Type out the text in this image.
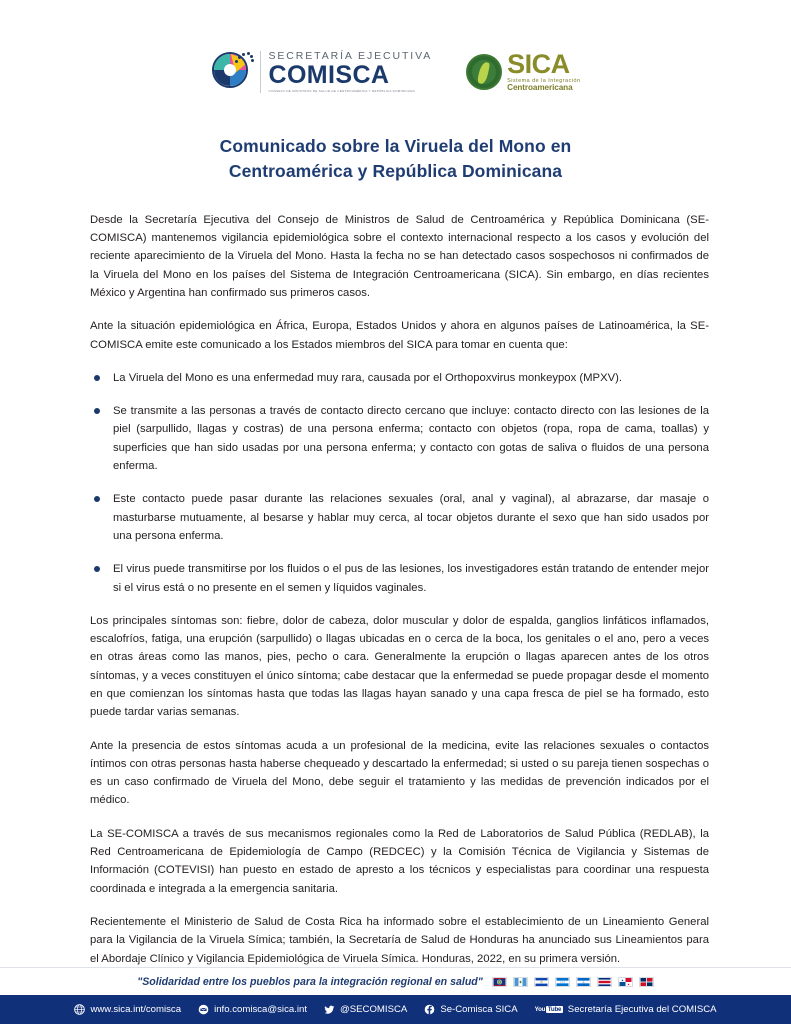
SECRETARÍA EJECUTIVA
COMISCA
CONSEJO DE MINISTROS DE SALUD DE CENTROAMÉRICA Y REPÚBLICA DOMINICANA
SICA
Sistema de la Integración
Centroamericana
Comunicado sobre la Viruela del Mono en Centroamérica y República Dominicana

Desde la Secretaría Ejecutiva del Consejo de Ministros de Salud de Centroamérica y República Dominicana (SE-COMISCA) mantenemos vigilancia epidemiológica sobre el contexto internacional respecto a los casos y evolución del reciente aparecimiento de la Viruela del Mono. Hasta la fecha no se han detectado casos sospechosos ni confirmados de la Viruela del Mono en los países del Sistema de Integración Centroamericana (SICA). Sin embargo, en días recientes México y Argentina han confirmado sus primeros casos.

Ante la situación epidemiológica en África, Europa, Estados Unidos y ahora en algunos países de Latinoamérica, la SE-COMISCA emite este comunicado a los Estados miembros del SICA para tomar en cuenta que:

La Viruela del Mono es una enfermedad muy rara, causada por el Orthopoxvirus monkeypox (MPXV).
Se transmite a las personas a través de contacto directo cercano que incluye: contacto directo con las lesiones de la piel (sarpullido, llagas y costras) de una persona enferma; contacto con objetos (ropa, ropa de cama, toallas) y superficies que han sido usadas por una persona enferma; y contacto con gotas de saliva o fluidos de una persona enferma.
Este contacto puede pasar durante las relaciones sexuales (oral, anal y vaginal), al abrazarse, dar masaje o masturbarse mutuamente, al besarse y hablar muy cerca, al tocar objetos durante el sexo que han sido usados por una persona enferma.
El virus puede transmitirse por los fluidos o el pus de las lesiones, los investigadores están tratando de entender mejor si el virus está o no presente en el semen y líquidos vaginales.

Los principales síntomas son: fiebre, dolor de cabeza, dolor muscular y dolor de espalda, ganglios linfáticos inflamados, escalofríos, fatiga, una erupción (sarpullido) o llagas ubicadas en o cerca de la boca, los genitales o el ano, pero a veces en otras áreas como las manos, pies, pecho o cara. Generalmente la erupción o llagas aparecen antes de los otros síntomas, y a veces constituyen el único síntoma; cabe destacar que la enfermedad se puede propagar desde el momento en que comienzan los síntomas hasta que todas las llagas hayan sanado y una capa fresca de piel se ha formado, esto puede tardar varias semanas.

Ante la presencia de estos síntomas acuda a un profesional de la medicina, evite las relaciones sexuales o contactos íntimos con otras personas hasta haberse chequeado y descartado la enfermedad; si usted o su pareja tienen sospechas o es un caso confirmado de Viruela del Mono, debe seguir el tratamiento y las medidas de prevención indicados por el médico.

La SE-COMISCA a través de sus mecanismos regionales como la Red de Laboratorios de Salud Pública (REDLAB), la Red Centroamericana de Epidemiología de Campo (REDCEC) y la Comisión Técnica de Vigilancia y Sistemas de Información (COTEVISI) han puesto en estado de apresto a los técnicos y especialistas para coordinar una respuesta coordinada e integrada a la emergencia sanitaria.

Recientemente el Ministerio de Salud de Costa Rica ha informado sobre el establecimiento de un Lineamiento General para la Vigilancia de la Viruela Símica; también, la Secretaría de Salud de Honduras ha anunciado sus Lineamientos para el Abordaje Clínico y Vigilancia Epidemiológica de Viruela Símica. Honduras, 2022, en su primera versión.

"Solidaridad entre los pueblos para la integración regional en salud"
www.sica.int/comisca	info.comisca@sica.int	@SECOMISCA	Se-Comisca SICA	You Tube Secretaría Ejecutiva del COMISCA
